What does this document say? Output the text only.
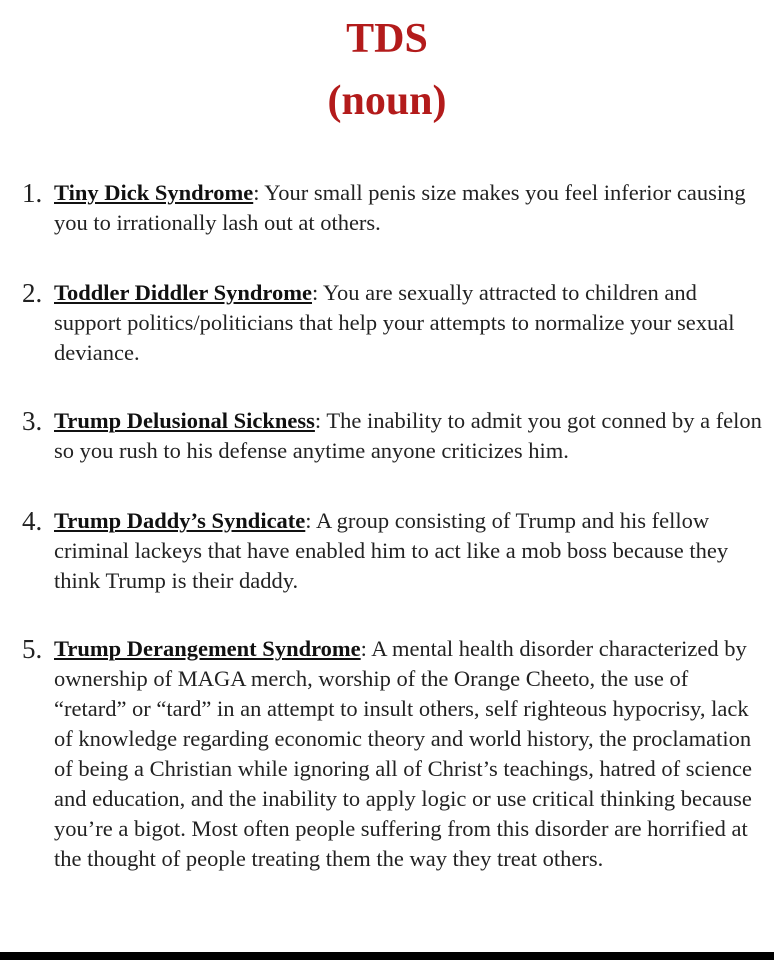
TDS
(noun)
1. Tiny Dick Syndrome: Your small penis size makes you feel inferior causing you to irrationally lash out at others.
2. Toddler Diddler Syndrome: You are sexually attracted to children and support politics/politicians that help your attempts to normalize your sexual deviance.
3. Trump Delusional Sickness: The inability to admit you got conned by a felon so you rush to his defense anytime anyone criticizes him.
4. Trump Daddy’s Syndicate: A group consisting of Trump and his fellow criminal lackeys that have enabled him to act like a mob boss because they think Trump is their daddy.
5. Trump Derangement Syndrome: A mental health disorder characterized by ownership of MAGA merch, worship of the Orange Cheeto, the use of “retard” or “tard” in an attempt to insult others, self righteous hypocrisy, lack of knowledge regarding economic theory and world history, the proclamation of being a Christian while ignoring all of Christ’s teachings, hatred of science and education, and the inability to apply logic or use critical thinking because you’re a bigot. Most often people suffering from this disorder are horrified at the thought of people treating them the way they treat others.
